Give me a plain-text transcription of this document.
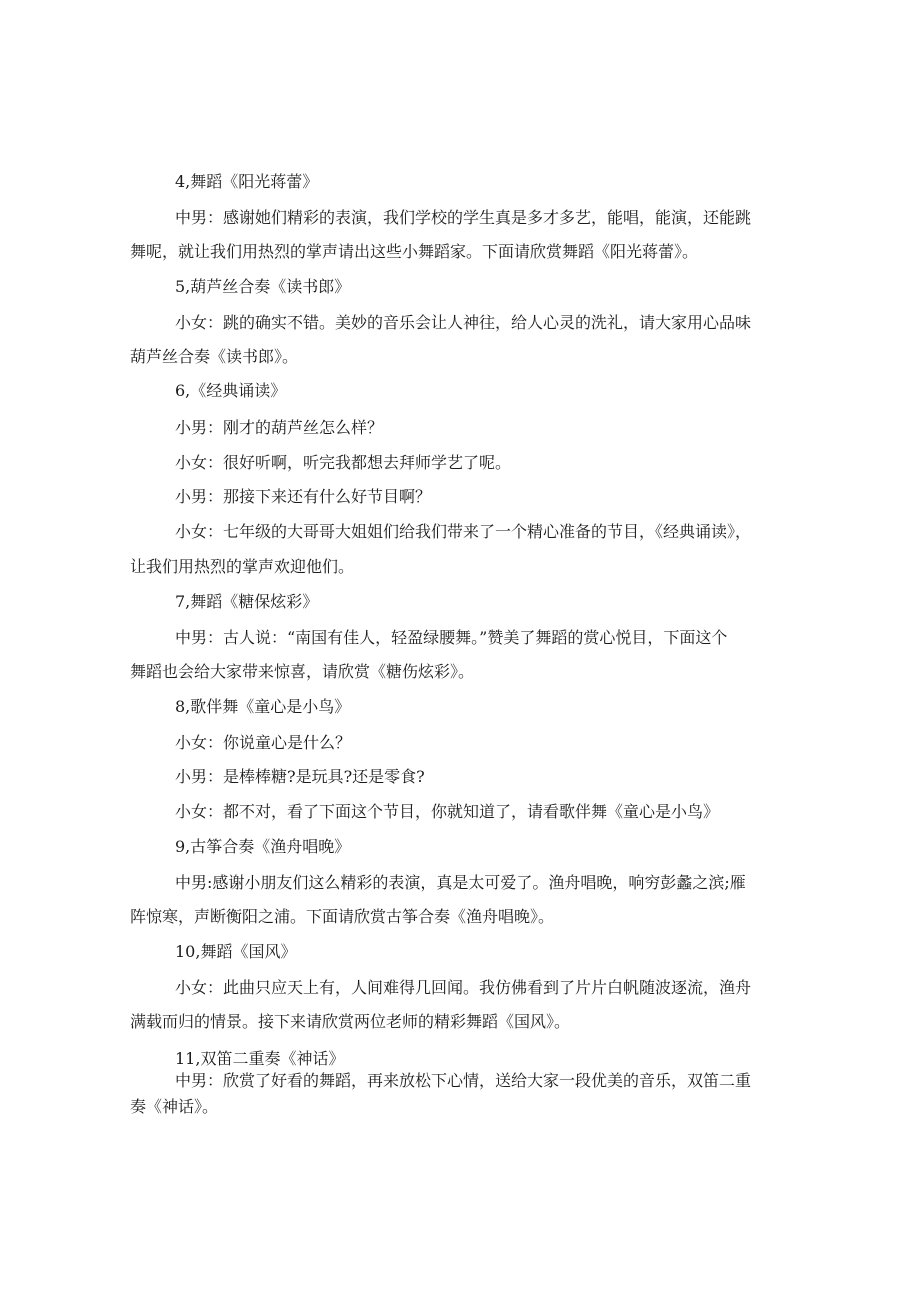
4,舞蹈《阳光蒋蕾》
中男：感谢她们精彩的表演，我们学校的学生真是多才多艺，能唱，能演，还能跳
舞呢，就让我们用热烈的掌声请出这些小舞蹈家。下面请欣赏舞蹈《阳光蒋蕾》。
5,葫芦丝合奏《读书郎》
小女：跳的确实不错。美妙的音乐会让人神往，给人心灵的洗礼，请大家用心品味
葫芦丝合奏《读书郎》。
6,《经典诵读》
小男：刚才的葫芦丝怎么样？
小女：很好听啊，听完我都想去拜师学艺了呢。
小男：那接下来还有什么好节目啊？
小女：七年级的大哥哥大姐姐们给我们带来了一个精心准备的节目，《经典诵读》，
让我们用热烈的掌声欢迎他们。
7,舞蹈《糖保炫彩》
中男：古人说：“南国有佳人，轻盈绿腰舞。”赞美了舞蹈的赏心悦目，下面这个
舞蹈也会给大家带来惊喜，请欣赏《糖伤炫彩》。
8,歌伴舞《童心是小鸟》
小女：你说童心是什么？
小男：是棒棒糖?是玩具?还是零食?
小女：都不对，看了下面这个节目，你就知道了，请看歌伴舞《童心是小鸟》
9,古筝合奏《渔舟唱晚》
中男:感谢小朋友们这么精彩的表演，真是太可爱了。渔舟唱晚，响穷彭蠡之滨;雁
阵惊寒，声断衡阳之浦。下面请欣赏古筝合奏《渔舟唱晚》。
10,舞蹈《国风》
小女：此曲只应天上有，人间难得几回闻。我仿佛看到了片片白帆随波逐流，渔舟
满载而归的情景。接下来请欣赏两位老师的精彩舞蹈《国风》。
11,双笛二重奏《神话》
中男：欣赏了好看的舞蹈，再来放松下心情，送给大家一段优美的音乐，双笛二重
奏《神话》。
